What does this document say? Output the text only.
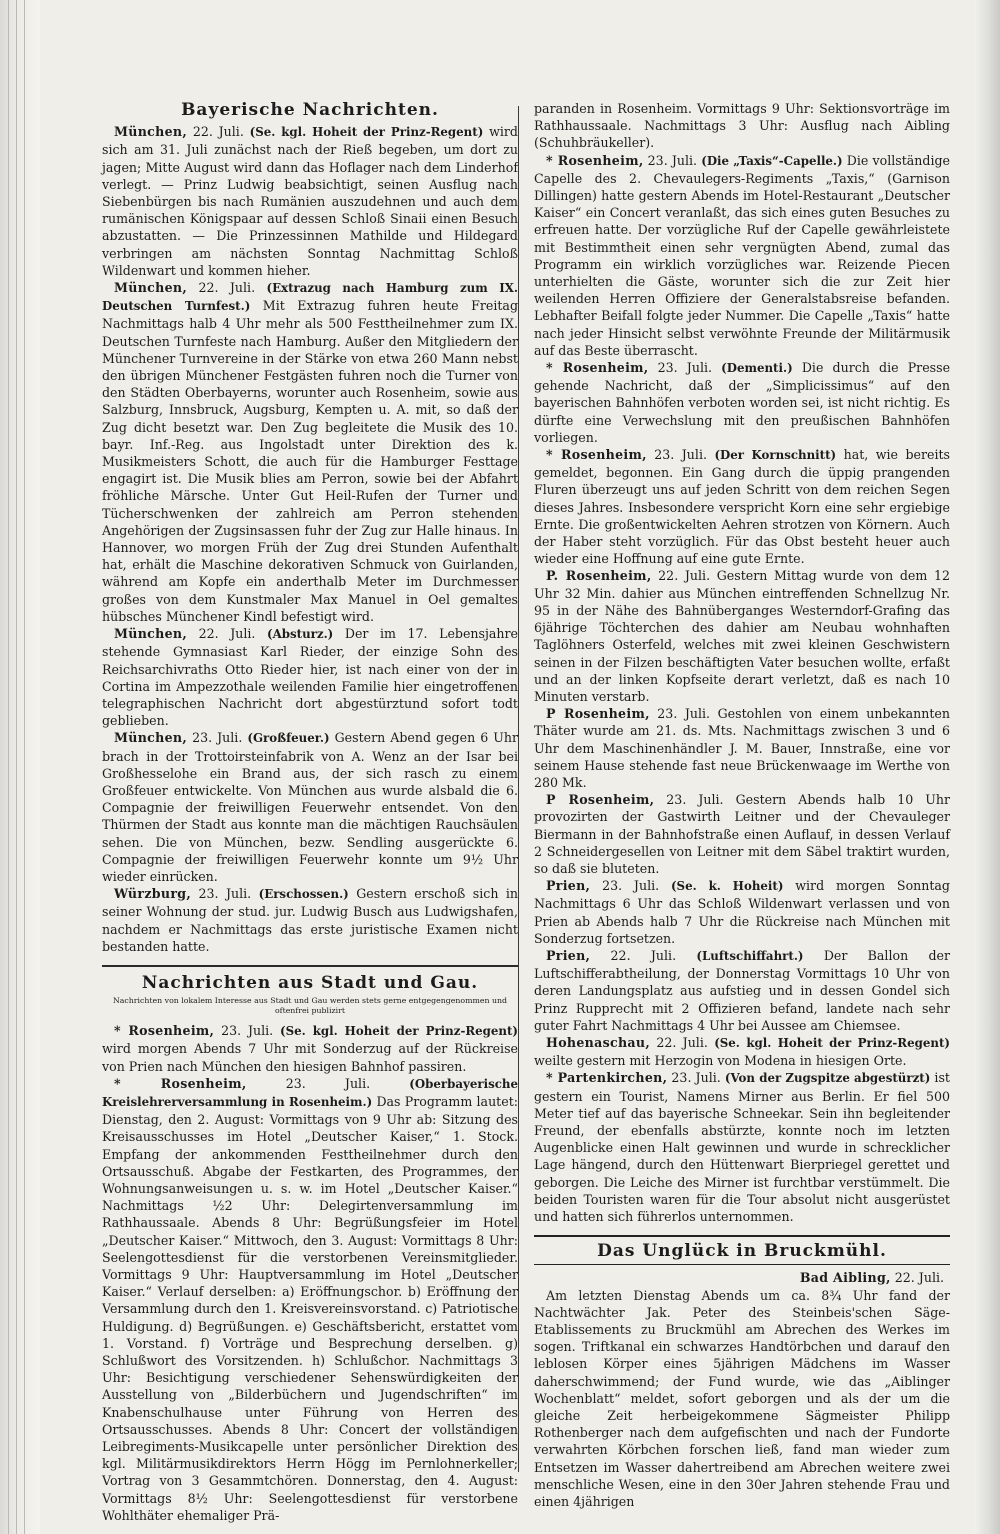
Bayerische Nachrichten.

München, 22. Juli. (Se. kgl. Hoheit der Prinz-Regent) wird sich am 31. Juli zunächst nach der Rieß begeben, um dort zu jagen; Mitte August wird dann das Hoflager nach dem Linderhof verlegt. — Prinz Ludwig beabsichtigt, seinen Ausflug nach Siebenbürgen bis nach Rumänien auszudehnen und auch dem rumänischen Königspaar auf dessen Schloß Sinaii einen Besuch abzustatten. — Die Prinzessinnen Mathilde und Hildegard verbringen am nächsten Sonntag Nachmittag Schloß Wildenwart und kommen hieher.

München, 22. Juli. (Extrazug nach Hamburg zum IX. Deutschen Turnfest.) Mit Extrazug fuhren heute Freitag Nachmittags halb 4 Uhr mehr als 500 Festtheilnehmer zum IX. Deutschen Turnfeste nach Hamburg. Außer den Mitgliedern der Münchener Turnvereine in der Stärke von etwa 260 Mann nebst den übrigen Münchener Festgästen fuhren noch die Turner von den Städten Oberbayerns, worunter auch Rosenheim, sowie aus Salzburg, Innsbruck, Augsburg, Kempten u. A. mit, so daß der Zug dicht besetzt war. Den Zug begleitete die Musik des 10. bayr. Inf.-Reg. aus Ingolstadt unter Direktion des k. Musikmeisters Schott, die auch für die Hamburger Festtage engagirt ist. Die Musik blies am Perron, sowie bei der Abfahrt fröhliche Märsche. Unter Gut Heil-Rufen der Turner und Tücherschwenken der zahlreich am Perron stehenden Angehörigen der Zugsinsassen fuhr der Zug zur Halle hinaus. In Hannover, wo morgen Früh der Zug drei Stunden Aufenthalt hat, erhält die Maschine dekorativen Schmuck von Guirlanden, während am Kopfe ein anderthalb Meter im Durchmesser großes von dem Kunstmaler Max Manuel in Oel gemaltes hübsches Münchener Kindl befestigt wird.

München, 22. Juli. (Absturz.) Der im 17. Lebensjahre stehende Gymnasiast Karl Rieder, der einzige Sohn des Reichsarchivraths Otto Rieder hier, ist nach einer von der in Cortina im Ampezzothale weilenden Familie hier eingetroffenen telegraphischen Nachricht dort abgestürztund sofort todt geblieben.

München, 23. Juli. (Großfeuer.) Gestern Abend gegen 6 Uhr brach in der Trottoirsteinfabrik von A. Wenz an der Isar bei Großhesselohe ein Brand aus, der sich rasch zu einem Großfeuer entwickelte. Von München aus wurde alsbald die 6. Compagnie der freiwilligen Feuerwehr entsendet. Von den Thürmen der Stadt aus konnte man die mächtigen Rauchsäulen sehen. Die von München, bezw. Sendling ausgerückte 6. Compagnie der freiwilligen Feuerwehr konnte um 9½ Uhr wieder einrücken.

Würzburg, 23. Juli. (Erschossen.) Gestern erschoß sich in seiner Wohnung der stud. jur. Ludwig Busch aus Ludwigshafen, nachdem er Nachmittags das erste juristische Examen nicht bestanden hatte.

Nachrichten aus Stadt und Gau.
Nachrichten von lokalem Interesse aus Stadt und Gau werden stets gerne entgegengenommen und oftenfrei publizirt

* Rosenheim, 23. Juli. (Se. kgl. Hoheit der Prinz-Regent) wird morgen Abends 7 Uhr mit Sonderzug auf der Rückreise von Prien nach München den hiesigen Bahnhof passiren.

* Rosenheim,	23. Juli.	(Oberbayerische Kreislehrerversammlung in Rosenheim.) Das Programm lautet: Dienstag, den 2. August: Vormittags von 9 Uhr ab: Sitzung des Kreisausschusses im Hotel „Deutscher Kaiser,“ 1. Stock. Empfang der ankommenden Festtheilnehmer durch den Ortsausschuß. Abgabe der Festkarten, des Programmes, der Wohnungsanweisungen u. s. w. im Hotel „Deutscher Kaiser.“ Nachmittags ½2 Uhr: Delegirtenversammlung im Rathhaussaale. Abends 8 Uhr: Begrüßungsfeier im Hotel „Deutscher Kaiser.“ Mittwoch, den 3. August: Vormittags 8 Uhr: Seelengottesdienst für die verstorbenen Vereinsmitglieder. Vormittags 9 Uhr: Hauptversammlung im Hotel „Deutscher Kaiser.“ Verlauf derselben: a) Eröffnungschor. b) Eröffnung der Versammlung durch den 1. Kreisvereinsvorstand. c) Patriotische Huldigung. d) Begrüßungen. e) Geschäftsbericht, erstattet vom 1. Vorstand. f) Vorträge und Besprechung derselben. g) Schlußwort des Vorsitzenden. h) Schlußchor. Nachmittags 3 Uhr: Besichtigung verschiedener Sehenswürdigkeiten der Ausstellung von „Bilderbüchern und Jugendschriften“ im Knabenschulhause unter Führung von Herren des Ortsausschusses. Abends 8 Uhr: Concert der vollständigen Leibregiments-Musikcapelle unter persönlicher Direktion des kgl. Militärmusikdirektors Herrn Högg im Pernlohnerkeller; Vortrag von 3 Gesammtchören. Donnerstag, den 4. August: Vormittags 8½ Uhr: Seelengottesdienst für verstorbene Wohlthäter ehemaliger Prä-

paranden in Rosenheim. Vormittags 9 Uhr: Sektionsvorträge im Rathhaussaale. Nachmittags 3 Uhr: Ausflug nach Aibling (Schuhbräukeller).

* Rosenheim, 23. Juli. (Die „Taxis“-Capelle.) Die vollständige Capelle des 2. Chevaulegers-Regiments „Taxis,“ (Garnison Dillingen) hatte gestern Abends im Hotel-Restaurant „Deutscher Kaiser“ ein Concert veranlaßt, das sich eines guten Besuches zu erfreuen hatte. Der vorzügliche Ruf der Capelle gewährleistete mit Bestimmtheit einen sehr vergnügten Abend, zumal das Programm ein wirklich vorzügliches war. Reizende Piecen unterhielten die Gäste, worunter sich die zur Zeit hier weilenden Herren Offiziere der Generalstabsreise befanden. Lebhafter Beifall folgte jeder Nummer. Die Capelle „Taxis“ hatte nach jeder Hinsicht selbst verwöhnte Freunde der Militärmusik auf das Beste überrascht.

* Rosenheim, 23. Juli. (Dementi.) Die durch die Presse gehende Nachricht, daß der „Simplicissimus“ auf den bayerischen Bahnhöfen verboten worden sei, ist nicht richtig. Es dürfte eine Verwechslung mit den preußischen Bahnhöfen vorliegen.

* Rosenheim, 23. Juli. (Der Kornschnitt) hat, wie bereits gemeldet, begonnen. Ein Gang durch die üppig prangenden Fluren überzeugt uns auf jeden Schritt von dem reichen Segen dieses Jahres. Insbesondere verspricht Korn eine sehr ergiebige Ernte. Die großentwickelten Aehren strotzen von Körnern. Auch der Haber steht vorzüglich. Für das Obst besteht heuer auch wieder eine Hoffnung auf eine gute Ernte.

P. Rosenheim, 22. Juli. Gestern Mittag wurde von dem 12 Uhr 32 Min. dahier aus München eintreffenden Schnellzug Nr. 95 in der Nähe des Bahnüberganges Westerndorf-Grafing das 6jährige Töchterchen des dahier am Neubau wohnhaften Taglöhners Osterfeld, welches mit zwei kleinen Geschwistern seinen in der Filzen beschäftigten Vater besuchen wollte, erfaßt und an der linken Kopfseite derart verletzt, daß es nach 10 Minuten verstarb.

P Rosenheim, 23. Juli. Gestohlen von einem unbekannten Thäter wurde am 21. ds. Mts. Nachmittags zwischen 3 und 6 Uhr dem Maschinenhändler J. M. Bauer, Innstraße, eine vor seinem Hause stehende fast neue Brückenwaage im Werthe von 280 Mk.

P Rosenheim, 23. Juli. Gestern Abends halb 10 Uhr provozirten der Gastwirth Leitner und der Chevauleger Biermann in der Bahnhofstraße einen Auflauf, in dessen Verlauf 2 Schneidergesellen von Leitner mit dem Säbel traktirt wurden, so daß sie bluteten.

Prien, 23. Juli. (Se. k. Hoheit) wird morgen Sonntag Nachmittags 6 Uhr das Schloß Wildenwart verlassen und von Prien ab Abends halb 7 Uhr die Rückreise nach München mit Sonderzug fortsetzen.

Prien, 22. Juli. (Luftschiffahrt.) Der Ballon der Luftschifferabtheilung, der Donnerstag Vormittags 10 Uhr von deren Landungsplatz aus aufstieg und in dessen Gondel sich Prinz Rupprecht mit 2 Offizieren befand, landete nach sehr guter Fahrt Nachmittags 4 Uhr bei Aussee am Chiemsee.

Hohenaschau, 22. Juli. (Se. kgl. Hoheit der Prinz-Regent) weilte gestern mit Herzogin von Modena in hiesigen Orte.

* Partenkirchen, 23. Juli. (Von der Zugspitze abgestürzt) ist gestern ein Tourist, Namens Mirner aus Berlin. Er fiel 500 Meter tief auf das bayerische Schneekar. Sein ihn begleitender Freund, der ebenfalls abstürzte, konnte noch im letzten Augenblicke einen Halt gewinnen und wurde in schrecklicher Lage hängend, durch den Hüttenwart Bierpriegel gerettet und geborgen. Die Leiche des Mirner ist furchtbar verstümmelt. Die beiden Touristen waren für die Tour absolut nicht ausgerüstet und hatten sich führerlos unternommen.

Das Unglück in Bruckmühl.

Bad Aibling, 22. Juli.

Am letzten Dienstag Abends um ca. 8¾ Uhr fand der Nachtwächter Jak. Peter des Steinbeis'schen Säge-Etablissements zu Bruckmühl am Abrechen des Werkes im sogen. Triftkanal ein schwarzes Handtörbchen und darauf den leblosen Körper eines 5jährigen Mädchens im Wasser daherschwimmend; der Fund wurde, wie das „Aiblinger Wochenblatt“ meldet, sofort geborgen und als der um die gleiche Zeit herbeigekommene Sägmeister Philipp Rothenberger nach dem aufgefischten und nach der Fundorte verwahrten Körbchen forschen ließ, fand man wieder zum Entsetzen im Wasser dahertreibend am Abrechen weitere zwei menschliche Wesen, eine in den 30er Jahren stehende Frau und einen 4jährigen
